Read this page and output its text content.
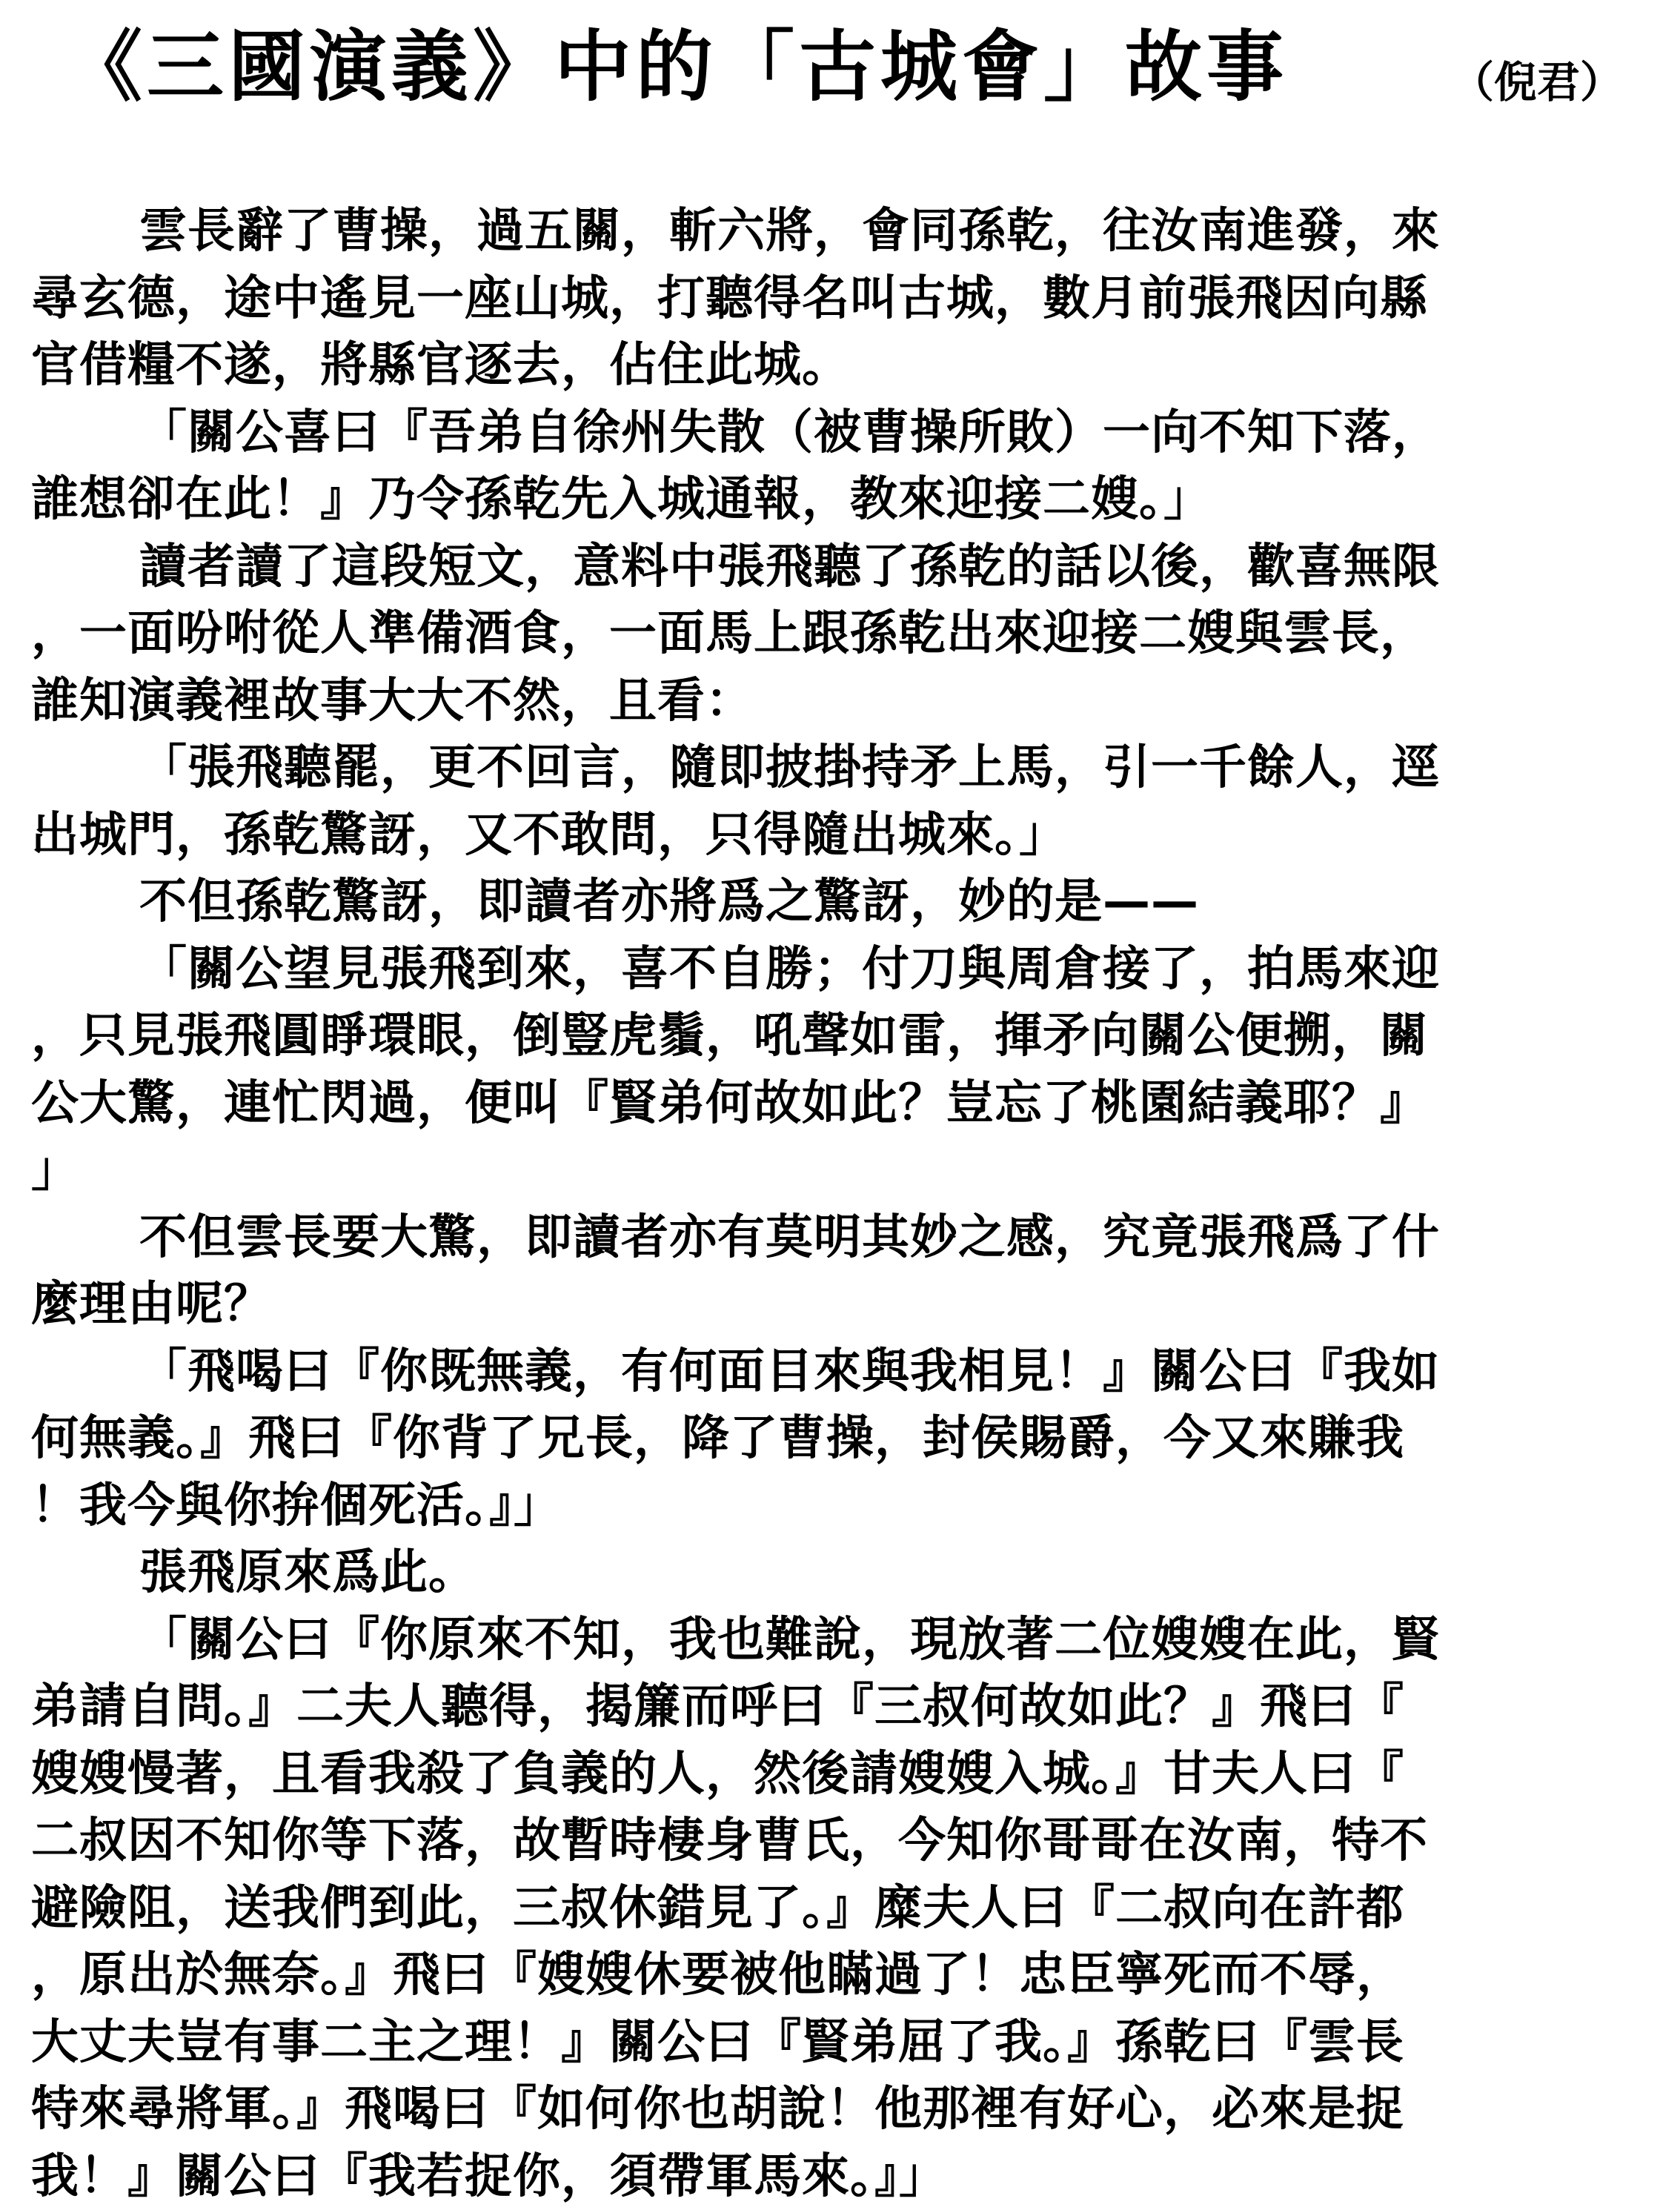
《三國演義》中的「古城會」故事	（倪君）
雲長辭了曹操，過五關，斬六將，會同孫乾，往汝南進發，來
尋玄德，途中遙見一座山城，打聽得名叫古城，數月前張飛因向縣
官借糧不遂，將縣官逐去，佔住此城。
「關公喜曰『吾弟自徐州失散（被曹操所敗）一向不知下落，
誰想卻在此！』乃令孫乾先入城通報，教來迎接二嫂。」
讀者讀了這段短文，意料中張飛聽了孫乾的話以後，歡喜無限
，一面吩咐從人準備酒食，一面馬上跟孫乾出來迎接二嫂與雲長，
誰知演義裡故事大大不然，且看：
「張飛聽罷，更不回言，隨即披掛持矛上馬，引一千餘人，逕
出城門，孫乾驚訝，又不敢問，只得隨出城來。」
不但孫乾驚訝，即讀者亦將爲之驚訝，妙的是——
「關公望見張飛到來，喜不自勝；付刀與周倉接了，拍馬來迎
，只見張飛圓睜環眼，倒豎虎鬚，吼聲如雷，揮矛向關公便搠，關
公大驚，連忙閃過，便叫『賢弟何故如此？豈忘了桃園結義耶？』
」
不但雲長要大驚，即讀者亦有莫明其妙之感，究竟張飛爲了什
麼理由呢？
「飛喝曰『你既無義，有何面目來與我相見！』關公曰『我如
何無義。』飛曰『你背了兄長，降了曹操，封侯賜爵，今又來賺我
！我今與你拚個死活。』」
張飛原來爲此。
「關公曰『你原來不知，我也難說，現放著二位嫂嫂在此，賢
弟請自問。』二夫人聽得，揭簾而呼曰『三叔何故如此？』飛曰『
嫂嫂慢著，且看我殺了負義的人，然後請嫂嫂入城。』甘夫人曰『
二叔因不知你等下落，故暫時棲身曹氏，今知你哥哥在汝南，特不
避險阻，送我們到此，三叔休錯見了。』糜夫人曰『二叔向在許都
，原出於無奈。』飛曰『嫂嫂休要被他瞞過了！忠臣寧死而不辱，
大丈夫豈有事二主之理！』關公曰『賢弟屈了我。』孫乾曰『雲長
特來尋將軍。』飛喝曰『如何你也胡說！他那裡有好心，必來是捉
我！』關公曰『我若捉你，須帶軍馬來。』」
